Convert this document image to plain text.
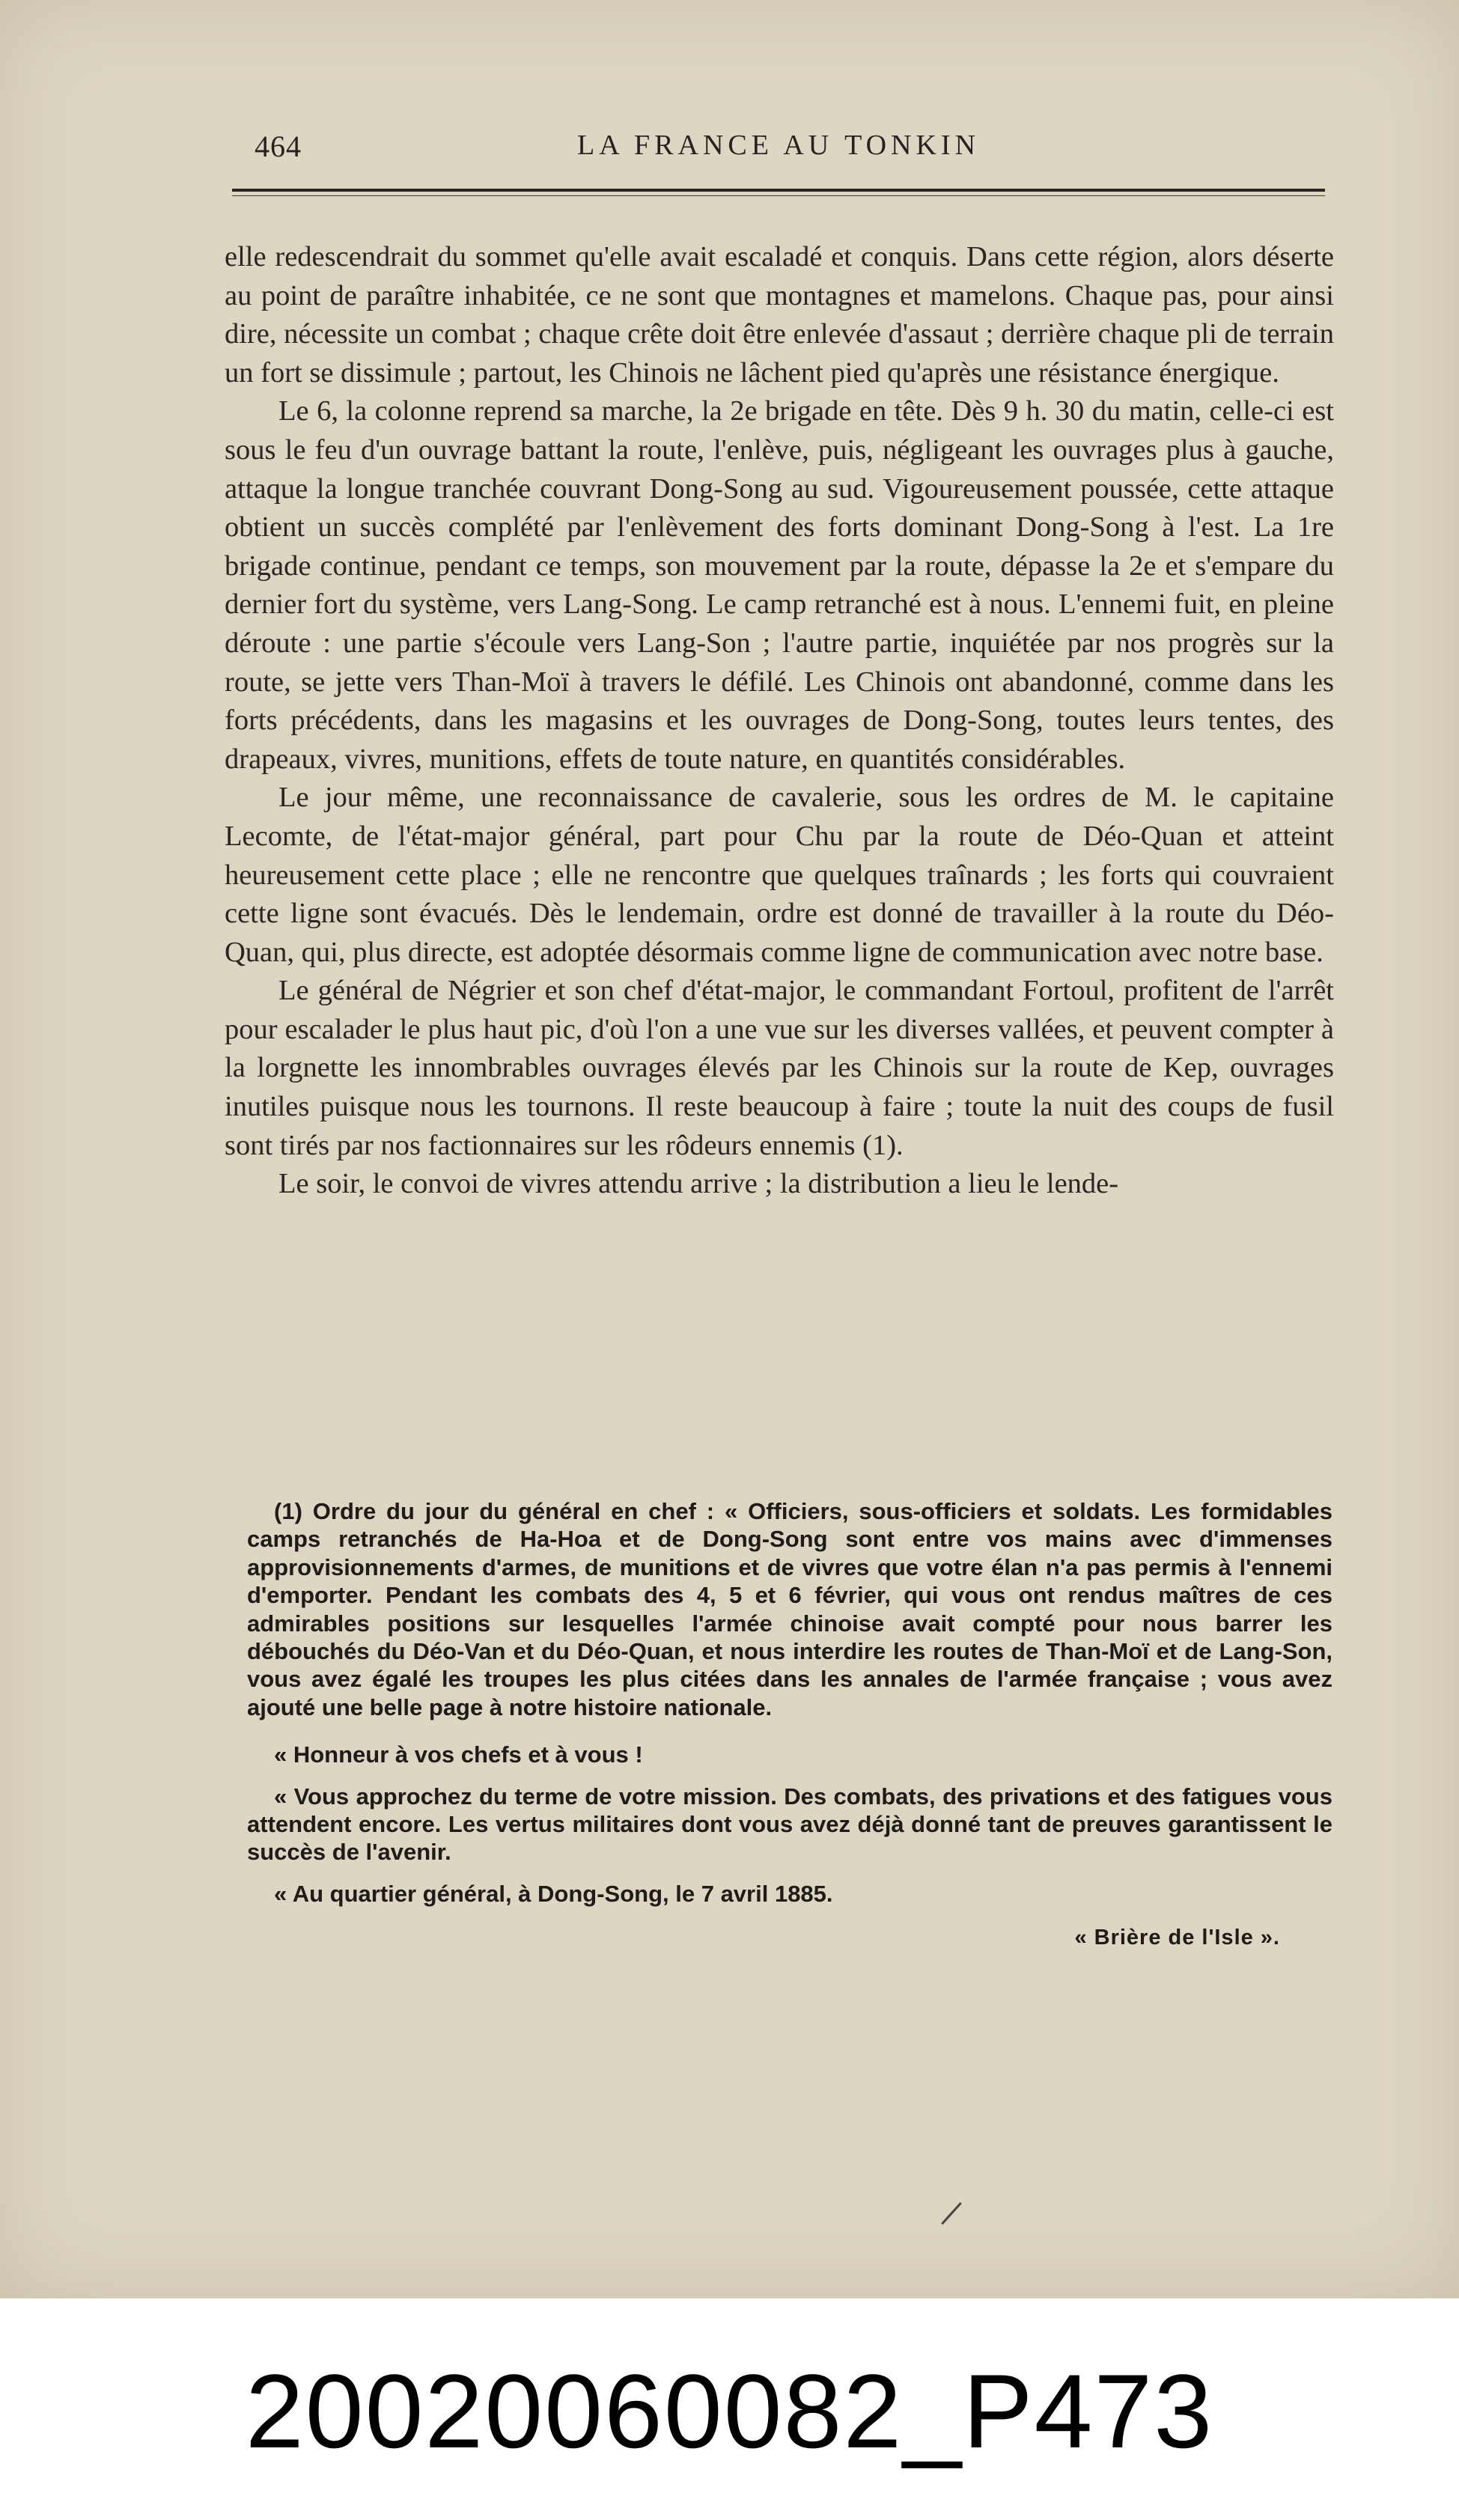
464	LA FRANCE AU TONKIN

elle redescendrait du sommet qu'elle avait escaladé et conquis. Dans cette région, alors déserte au point de paraître inhabitée, ce ne sont que montagnes et mamelons. Chaque pas, pour ainsi dire, nécessite un combat ; chaque crête doit être enlevée d'assaut ; derrière chaque pli de terrain un fort se dissimule ; partout, les Chinois ne lâchent pied qu'après une résistance énergique.

Le 6, la colonne reprend sa marche, la 2e brigade en tête. Dès 9 h. 30 du matin, celle-ci est sous le feu d'un ouvrage battant la route, l'enlève, puis, négligeant les ouvrages plus à gauche, attaque la longue tranchée couvrant Dong-Song au sud. Vigoureusement poussée, cette attaque obtient un succès complété par l'enlèvement des forts dominant Dong-Song à l'est. La 1re brigade continue, pendant ce temps, son mouvement par la route, dépasse la 2e et s'empare du dernier fort du système, vers Lang-Song. Le camp retranché est à nous. L'ennemi fuit, en pleine déroute : une partie s'écoule vers Lang-Son ; l'autre partie, inquiétée par nos progrès sur la route, se jette vers Than-Moï à travers le défilé. Les Chinois ont abandonné, comme dans les forts précédents, dans les magasins et les ouvrages de Dong-Song, toutes leurs tentes, des drapeaux, vivres, munitions, effets de toute nature, en quantités considérables.

Le jour même, une reconnaissance de cavalerie, sous les ordres de M. le capitaine Lecomte, de l'état-major général, part pour Chu par la route de Déo-Quan et atteint heureusement cette place ; elle ne rencontre que quelques traînards ; les forts qui couvraient cette ligne sont évacués. Dès le lendemain, ordre est donné de travailler à la route du Déo-Quan, qui, plus directe, est adoptée désormais comme ligne de communication avec notre base.

Le général de Négrier et son chef d'état-major, le commandant Fortoul, profitent de l'arrêt pour escalader le plus haut pic, d'où l'on a une vue sur les diverses vallées, et peuvent compter à la lorgnette les innombrables ouvrages élevés par les Chinois sur la route de Kep, ouvrages inutiles puisque nous les tournons. Il reste beaucoup à faire ; toute la nuit des coups de fusil sont tirés par nos factionnaires sur les rôdeurs ennemis (1).

Le soir, le convoi de vivres attendu arrive ; la distribution a lieu le lende-

(1) Ordre du jour du général en chef : « Officiers, sous-officiers et soldats. Les formidables camps retranchés de Ha-Hoa et de Dong-Song sont entre vos mains avec d'immenses approvisionnements d'armes, de munitions et de vivres que votre élan n'a pas permis à l'ennemi d'emporter. Pendant les combats des 4, 5 et 6 février, qui vous ont rendus maîtres de ces admirables positions sur lesquelles l'armée chinoise avait compté pour nous barrer les débouchés du Déo-Van et du Déo-Quan, et nous interdire les routes de Than-Moï et de Lang-Son, vous avez égalé les troupes les plus citées dans les annales de l'armée française ; vous avez ajouté une belle page à notre histoire nationale.

« Honneur à vos chefs et à vous !

« Vous approchez du terme de votre mission. Des combats, des privations et des fatigues vous attendent encore. Les vertus militaires dont vous avez déjà donné tant de preuves garantissent le succès de l'avenir.

« Au quartier général, à Dong-Song, le 7 avril 1885.

« Brière de l'Isle ».
20020060082_P473
